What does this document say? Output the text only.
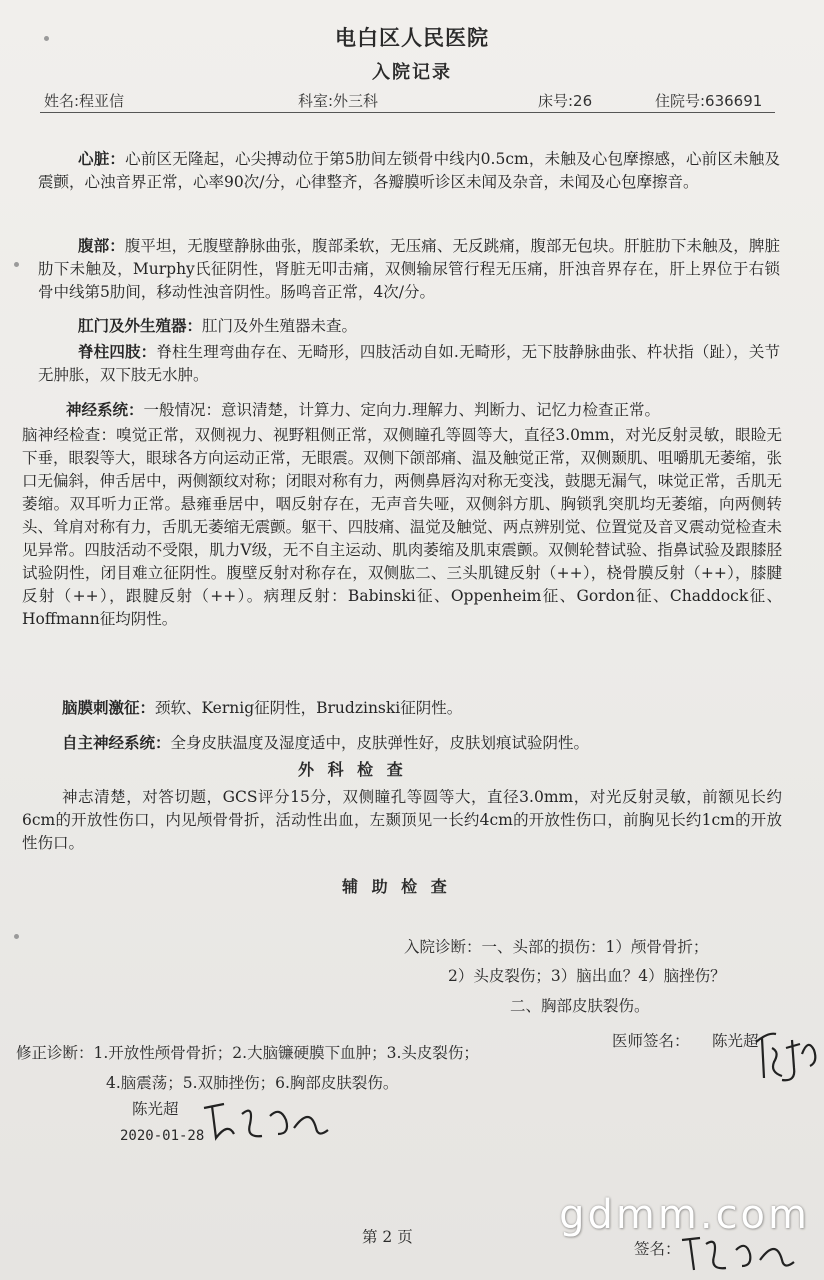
电白区人民医院
入院记录
姓名:程亚信	科室:外三科	床号:26	住院号:636691
心脏：心前区无隆起，心尖搏动位于第5肋间左锁骨中线内0.5cm，未触及心包摩擦感，心前区未触及震颤，心浊音界正常，心率90次/分，心律整齐，各瓣膜听诊区未闻及杂音，未闻及心包摩擦音。
腹部：腹平坦，无腹壁静脉曲张，腹部柔软，无压痛、无反跳痛，腹部无包块。肝脏肋下未触及，脾脏肋下未触及，Murphy氏征阴性，肾脏无叩击痛，双侧输尿管行程无压痛，肝浊音界存在，肝上界位于右锁骨中线第5肋间，移动性浊音阴性。肠鸣音正常，4次/分。
肛门及外生殖器：肛门及外生殖器未查。
脊柱四肢：脊柱生理弯曲存在、无畸形，四肢活动自如.无畸形，无下肢静脉曲张、杵状指（趾），关节无肿胀，双下肢无水肿。
神经系统：一般情况：意识清楚，计算力、定向力.理解力、判断力、记忆力检查正常。
脑神经检查：嗅觉正常，双侧视力、视野粗侧正常，双侧瞳孔等圆等大，直径3.0mm，对光反射灵敏，眼睑无下垂，眼裂等大，眼球各方向运动正常，无眼震。双侧下颌部痛、温及触觉正常，双侧颞肌、咀嚼肌无萎缩，张口无偏斜，伸舌居中，两侧额纹对称；闭眼对称有力，两侧鼻唇沟对称无变浅，鼓腮无漏气，味觉正常，舌肌无萎缩。双耳听力正常。悬雍垂居中，咽反射存在，无声音失哑，双侧斜方肌、胸锁乳突肌均无萎缩，向两侧转头、耸肩对称有力，舌肌无萎缩无震颤。躯干、四肢痛、温觉及触觉、两点辨别觉、位置觉及音叉震动觉检查未见异常。四肢活动不受限，肌力Ⅴ级，无不自主运动、肌肉萎缩及肌束震颤。双侧轮替试验、指鼻试验及跟膝胫试验阴性，闭目难立征阴性。腹壁反射对称存在，双侧肱二、三头肌键反射（++），桡骨膜反射（++），膝腱反射（++），跟腱反射（++）。病理反射：Babinski征、Oppenheim征、Gordon征、Chaddock征、Hoffmann征均阴性。
脑膜刺激征：颈软、Kernig征阴性，Brudzinski征阴性。
自主神经系统：全身皮肤温度及湿度适中，皮肤弹性好，皮肤划痕试验阴性。
外 科 检 查
神志清楚，对答切题，GCS评分15分，双侧瞳孔等圆等大，直径3.0mm，对光反射灵敏，前额见长约6cm的开放性伤口，内见颅骨骨折，活动性出血，左颞顶见一长约4cm的开放性伤口，前胸见长约1cm的开放性伤口。
辅 助 检 查
入院诊断：一、头部的损伤：1）颅骨骨折；
2）头皮裂伤；3）脑出血？4）脑挫伤？
二、胸部皮肤裂伤。
医师签名： 陈光超
修正诊断：1.开放性颅骨骨折；2.大脑镰硬膜下血肿；3.头皮裂伤；
4.脑震荡；5.双肺挫伤；6.胸部皮肤裂伤。
陈光超
2020-01-28
第 2 页
签名：
gdmm.com
